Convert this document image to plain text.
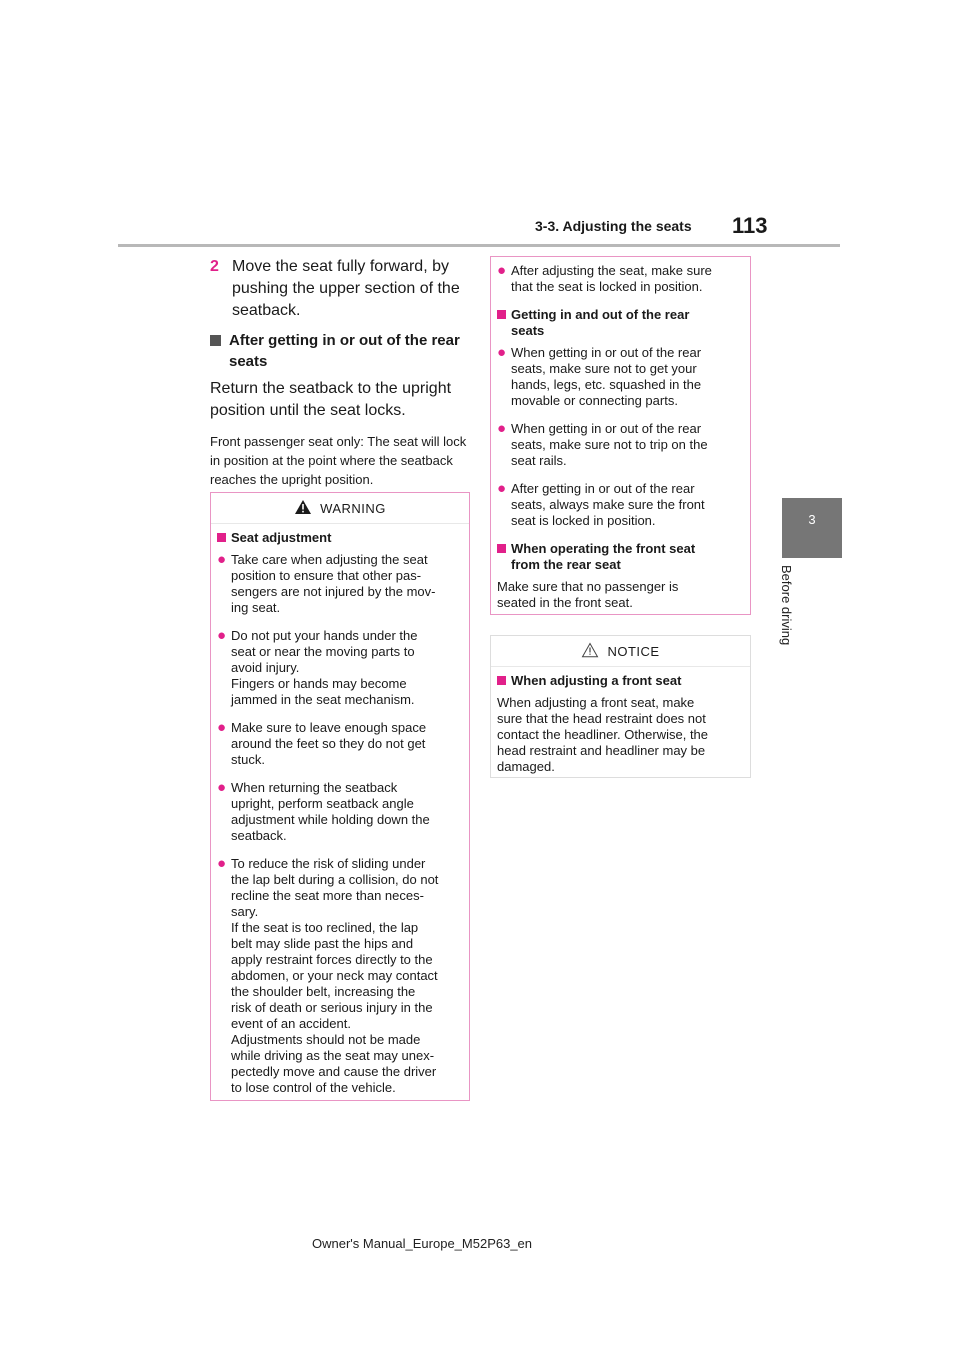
3-3. Adjusting the seats 113
3
Before driving
2 Move the seat fully forward, by pushing the upper section of the seatback.
After getting in or out of the rear seats

Return the seatback to the upright position until the seat locks.

Front passenger seat only: The seat will lock in position at the point where the seatback reaches the upright position.

WARNING
Seat adjustment
● Take care when adjusting the seat
position to ensure that other pas-
sengers are not injured by the mov-
ing seat.
● Do not put your hands under the
seat or near the moving parts to
avoid injury.
Fingers or hands may become
jammed in the seat mechanism.
● Make sure to leave enough space
around the feet so they do not get
stuck.
● When returning the seatback
upright, perform seatback angle
adjustment while holding down the
seatback.
● To reduce the risk of sliding under
the lap belt during a collision, do not
recline the seat more than neces-
sary.
If the seat is too reclined, the lap
belt may slide past the hips and
apply restraint forces directly to the
abdomen, or your neck may contact
the shoulder belt, increasing the
risk of death or serious injury in the
event of an accident.
Adjustments should not be made
while driving as the seat may unex-
pectedly move and cause the driver
to lose control of the vehicle.
● After adjusting the seat, make sure
that the seat is locked in position.
Getting in and out of the rear
seats
● When getting in or out of the rear
seats, make sure not to get your
hands, legs, etc. squashed in the
movable or connecting parts.
● When getting in or out of the rear
seats, make sure not to trip on the
seat rails.
● After getting in or out of the rear
seats, always make sure the front
seat is locked in position.
When operating the front seat
from the rear seat
Make sure that no passenger is
seated in the front seat.
NOTICE
When adjusting a front seat
When adjusting a front seat, make
sure that the head restraint does not
contact the headliner. Otherwise, the
head restraint and headliner may be
damaged.
Owner's Manual_Europe_M52P63_en
